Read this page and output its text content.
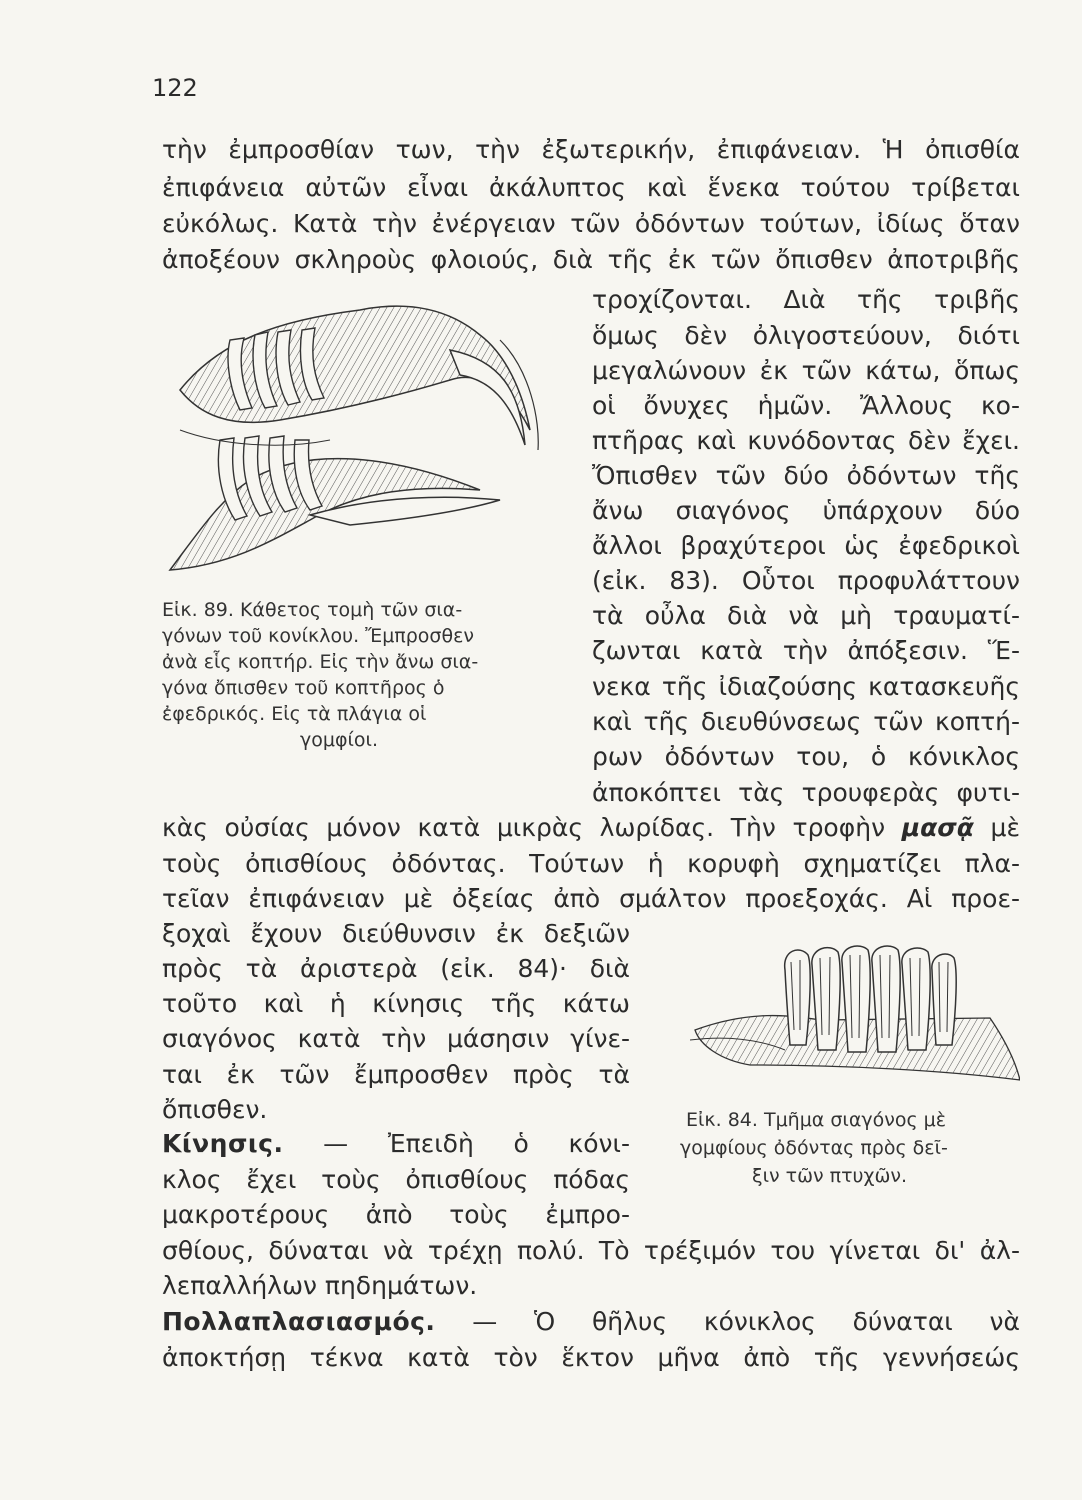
122
τὴν ἐμπροσθίαν των, τὴν ἐξωτερικήν, ἐπιφάνειαν. Ἡ ὀπισθία
ἐπιφάνεια αὐτῶν εἶναι ἀκάλυπτος καὶ ἕνεκα τούτου τρίβεται
εὐκόλως. Κατὰ τὴν ἐνέργειαν τῶν ὀδόντων τούτων, ἰδίως ὅταν
ἀποξέουν σκληροὺς φλοιούς, διὰ τῆς ἐκ τῶν ὄπισθεν ἀποτριβῆς
τροχίζονται. Διὰ τῆς τριβῆς
ὅμως δὲν ὀλιγοστεύουν, διότι
μεγαλώνουν ἐκ τῶν κάτω, ὅπως
οἱ ὄνυχες ἡμῶν. Ἄλλους κο-
πτῆρας καὶ κυνόδοντας δὲν ἔχει.
Ὄπισθεν τῶν δύο ὀδόντων τῆς
ἄνω σιαγόνος ὑπάρχουν δύο
ἄλλοι βραχύτεροι ὡς ἐφεδρικοὶ
(εἰκ. 83). Οὗτοι προφυλάττουν
τὰ οὖλα διὰ νὰ μὴ τραυματί-
ζωνται κατὰ τὴν ἀπόξεσιν. Ἕ-
νεκα τῆς ἰδιαζούσης κατασκευῆς
καὶ τῆς διευθύνσεως τῶν κοπτή-
ρων ὀδόντων του, ὁ κόνικλος
ἀποκόπτει τὰς τρουφερὰς φυτι-
Εἰκ. 89. Κάθετος τομὴ τῶν σια-
γόνων τοῦ κονίκλου. Ἔμπροσθεν
ἀνὰ εἷς κοπτήρ. Εἰς τὴν ἄνω σια-
γόνα ὄπισθεν τοῦ κοπτῆρος ὁ
ἐφεδρικός. Εἰς τὰ πλάγια οἱ
γομφίοι.
κὰς οὐσίας μόνον κατὰ μικρὰς λωρίδας. Τὴν τροφὴν μασᾷ μὲ
τοὺς ὀπισθίους ὀδόντας. Τούτων ἡ κορυφὴ σχηματίζει πλα-
τεῖαν ἐπιφάνειαν μὲ ὀξείας ἀπὸ σμάλτον προεξοχάς. Αἱ προε-
ξοχαὶ ἔχουν διεύθυνσιν ἐκ δεξιῶν
πρὸς τὰ ἀριστερὰ (εἰκ. 84)· διὰ
τοῦτο καὶ ἡ κίνησις τῆς κάτω
σιαγόνος κατὰ τὴν μάσησιν γίνε-
ται ἐκ τῶν ἔμπροσθεν πρὸς τὰ
ὄπισθεν.	Εἰκ. 84. Τμῆμα σιαγόνος μὲ
γομφίους ὀδόντας πρὸς δεῖ-
ξιν τῶν πτυχῶν.
Κίνησις. — Ἐπειδὴ ὁ κόνι-
κλος ἔχει τοὺς ὀπισθίους πόδας
μακροτέρους ἀπὸ τοὺς ἐμπρο-
σθίους, δύναται νὰ τρέχῃ πολύ. Τὸ τρέξιμόν του γίνεται δι' ἀλ-
λεπαλλήλων πηδημάτων.
Πολλαπλασιασμός. — Ὁ θῆλυς κόνικλος δύναται νὰ
ἀποκτήσῃ τέκνα κατὰ τὸν ἕκτον μῆνα ἀπὸ τῆς γεννήσεώς
